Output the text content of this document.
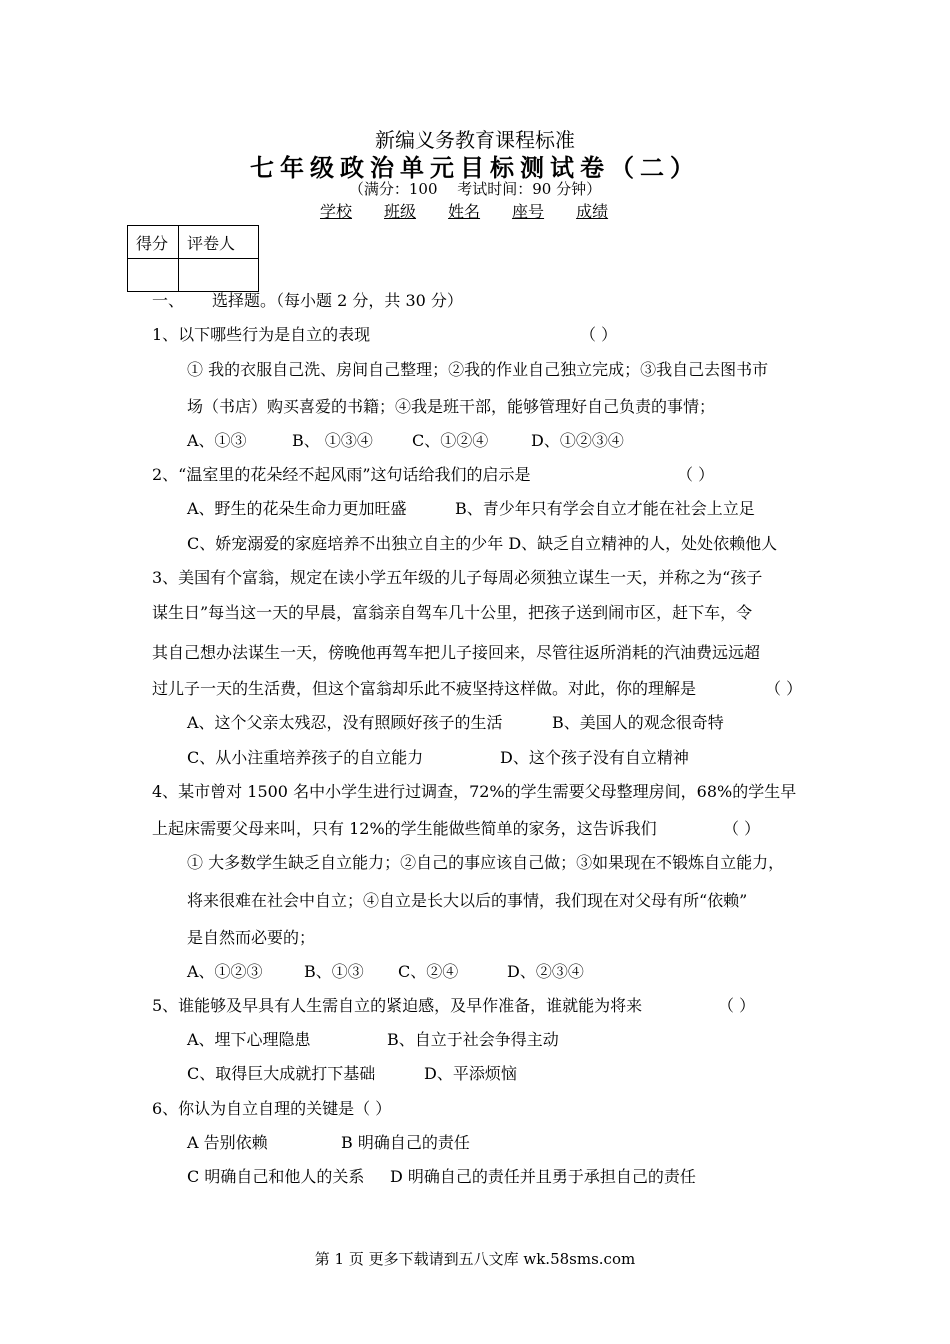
新编义务教育课程标准
七年级政治单元目标测试卷（二）
（满分：100　 考试时间：90 分钟）
学校 班级 姓名 座号 成绩
得分	评卷人

一、 选择题。（每小题 2 分，共 30 分）
1、以下哪些行为是自立的表现	（ ）
① 我的衣服自己洗、房间自己整理；②我的作业自己独立完成；③我自己去图书市
场（书店）购买喜爱的书籍；④我是班干部，能够管理好自己负责的事情；
A、①③	B、 ①③④ C、①②④	D、①②③④
2、“温室里的花朵经不起风雨”这句话给我们的启示是	（ ）
A、野生的花朵生命力更加旺盛	B、青少年只有学会自立才能在社会上立足
C、娇宠溺爱的家庭培养不出独立自主的少年 D、缺乏自立精神的人，处处依赖他人
3、美国有个富翁，规定在读小学五年级的儿子每周必须独立谋生一天，并称之为“孩子
谋生日”每当这一天的早晨，富翁亲自驾车几十公里，把孩子送到闹市区，赶下车，令
其自己想办法谋生一天，傍晚他再驾车把儿子接回来，尽管往返所消耗的汽油费远远超
过儿子一天的生活费，但这个富翁却乐此不疲坚持这样做。对此，你的理解是	（ ）
A、这个父亲太残忍，没有照顾好孩子的生活	B、美国人的观念很奇特
C、从小注重培养孩子的自立能力	D、这个孩子没有自立精神
4、某市曾对 1500 名中小学生进行过调查，72%的学生需要父母整理房间，68%的学生早
上起床需要父母来叫，只有 12%的学生能做些简单的家务，这告诉我们	（ ）
① 大多数学生缺乏自立能力；②自己的事应该自己做；③如果现在不锻炼自立能力，
将来很难在社会中自立；④自立是长大以后的事情，我们现在对父母有所“依赖”
是自然而必要的；
A、①②③	B、①③ C、②④	D、②③④
5、谁能够及早具有人生需自立的紧迫感，及早作准备，谁就能为将来	（ ）
A、埋下心理隐患	B、自立于社会争得主动
C、取得巨大成就打下基础	D、平添烦恼
6、你认为自立自理的关键是（ ）
A 告别依赖	B 明确自己的责任
C 明确自己和他人的关系 D 明确自己的责任并且勇于承担自己的责任
第 1 页 更多下载请到五八文库 wk.58sms.com
